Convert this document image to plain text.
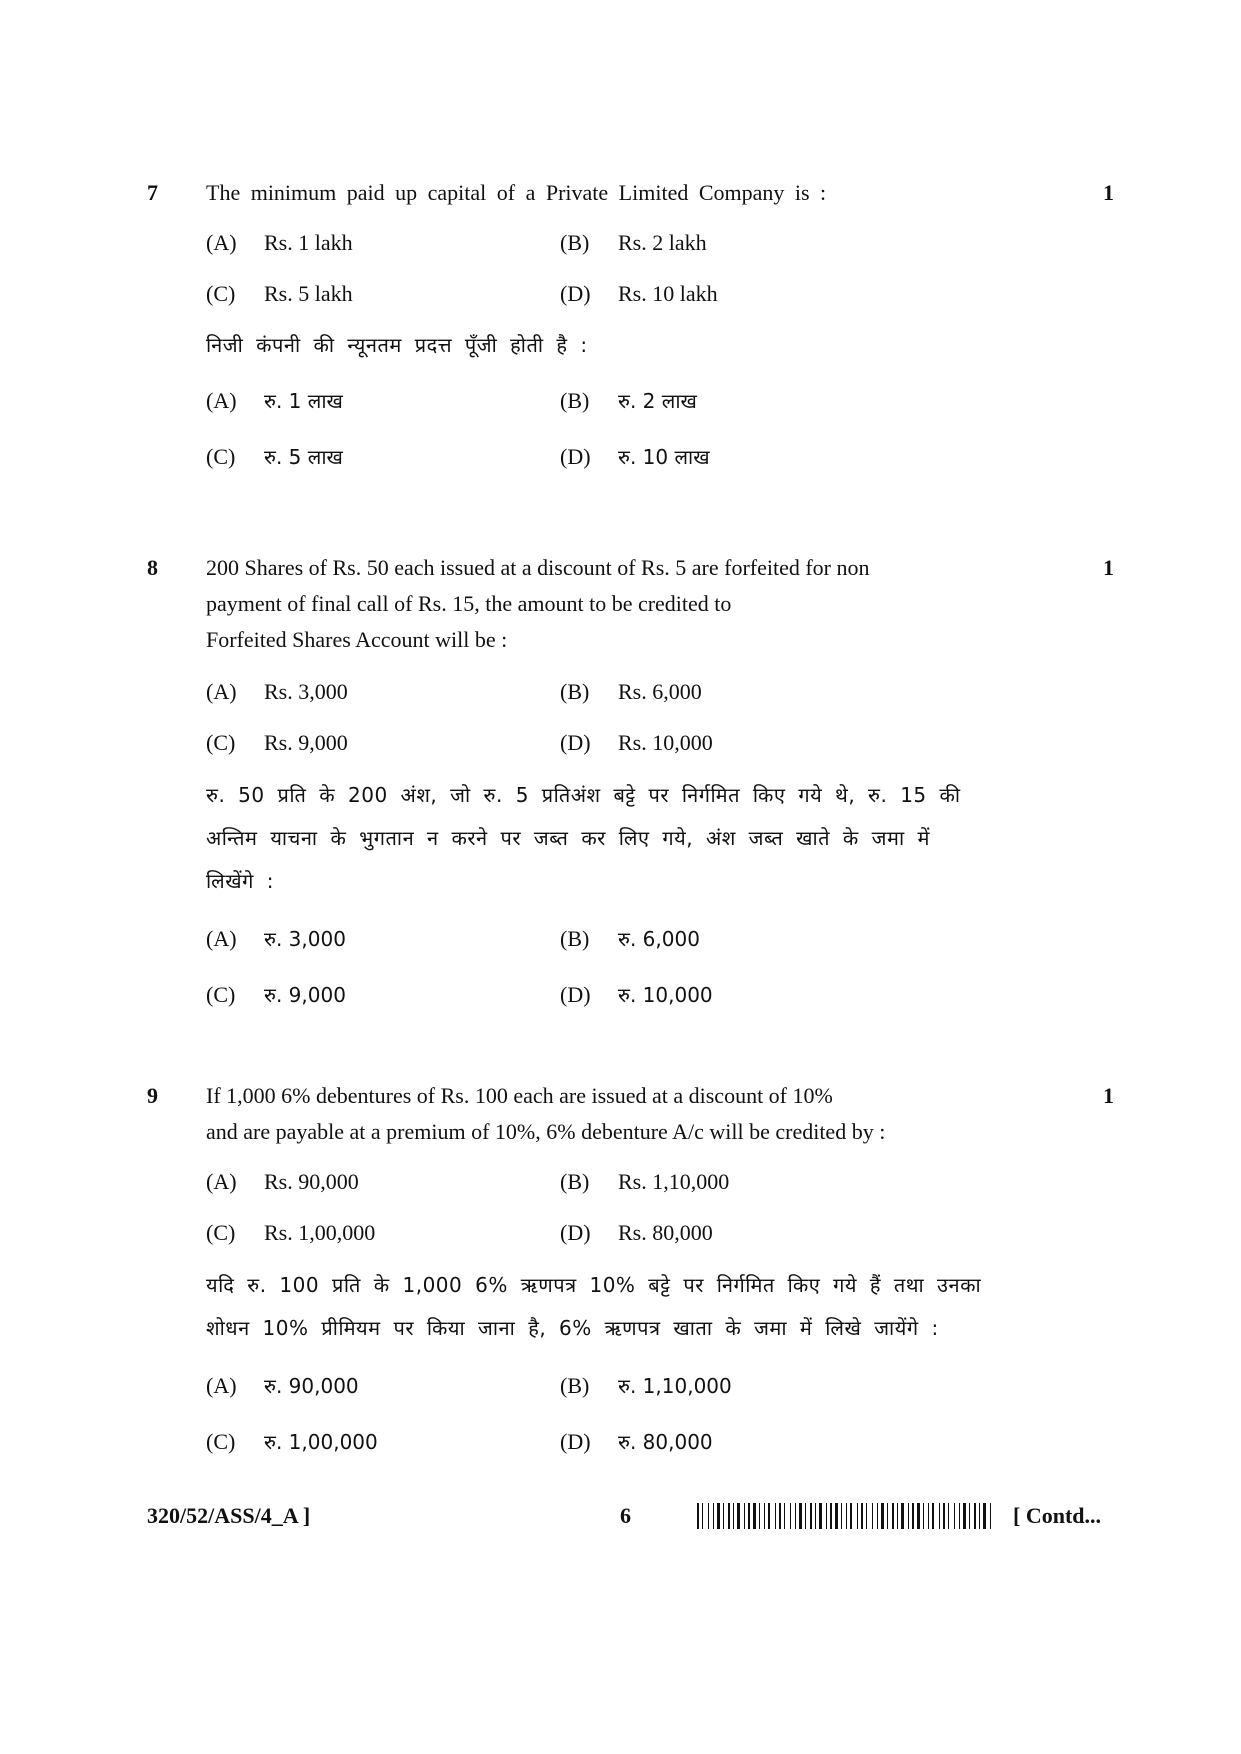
7	1
The minimum paid up capital of a Private Limited Company is :
(A) Rs. 1 lakh	(B) Rs. 2 lakh
(C) Rs. 5 lakh	(D) Rs. 10 lakh
निजी कंपनी की न्यूनतम प्रदत्त पूँजी होती है :
(A) रु. 1 लाख	(B) रु. 2 लाख
(C) रु. 5 लाख	(D) रु. 10 लाख
8	1
200 Shares of Rs. 50 each issued at a discount of Rs. 5 are forfeited for non
payment of final call of Rs. 15, the amount to be credited to
Forfeited Shares Account will be :
(A) Rs. 3,000	(B) Rs. 6,000
(C) Rs. 9,000	(D) Rs. 10,000
रु. 50 प्रति के 200 अंश, जो रु. 5 प्रतिअंश बट्टे पर निर्गमित किए गये थे, रु. 15 की
अन्तिम याचना के भुगतान न करने पर जब्त कर लिए गये, अंश जब्त खाते के जमा में
लिखेंगे :
(A) रु. 3,000	(B) रु. 6,000
(C) रु. 9,000	(D) रु. 10,000
9	1
If 1,000 6% debentures of Rs. 100 each are issued at a discount of 10%
and are payable at a premium of 10%, 6% debenture A/c will be credited by :
(A) Rs. 90,000	(B) Rs. 1,10,000
(C) Rs. 1,00,000	(D) Rs. 80,000
यदि रु. 100 प्रति के 1,000 6% ऋणपत्र 10% बट्टे पर निर्गमित किए गये हैं तथा उनका
शोधन 10% प्रीमियम पर किया जाना है, 6% ऋणपत्र खाता के जमा में लिखे जायेंगे :
(A) रु. 90,000	(B) रु. 1,10,000
(C) रु. 1,00,000	(D) रु. 80,000
320/52/ASS/4_A ]	6	[ Contd...
